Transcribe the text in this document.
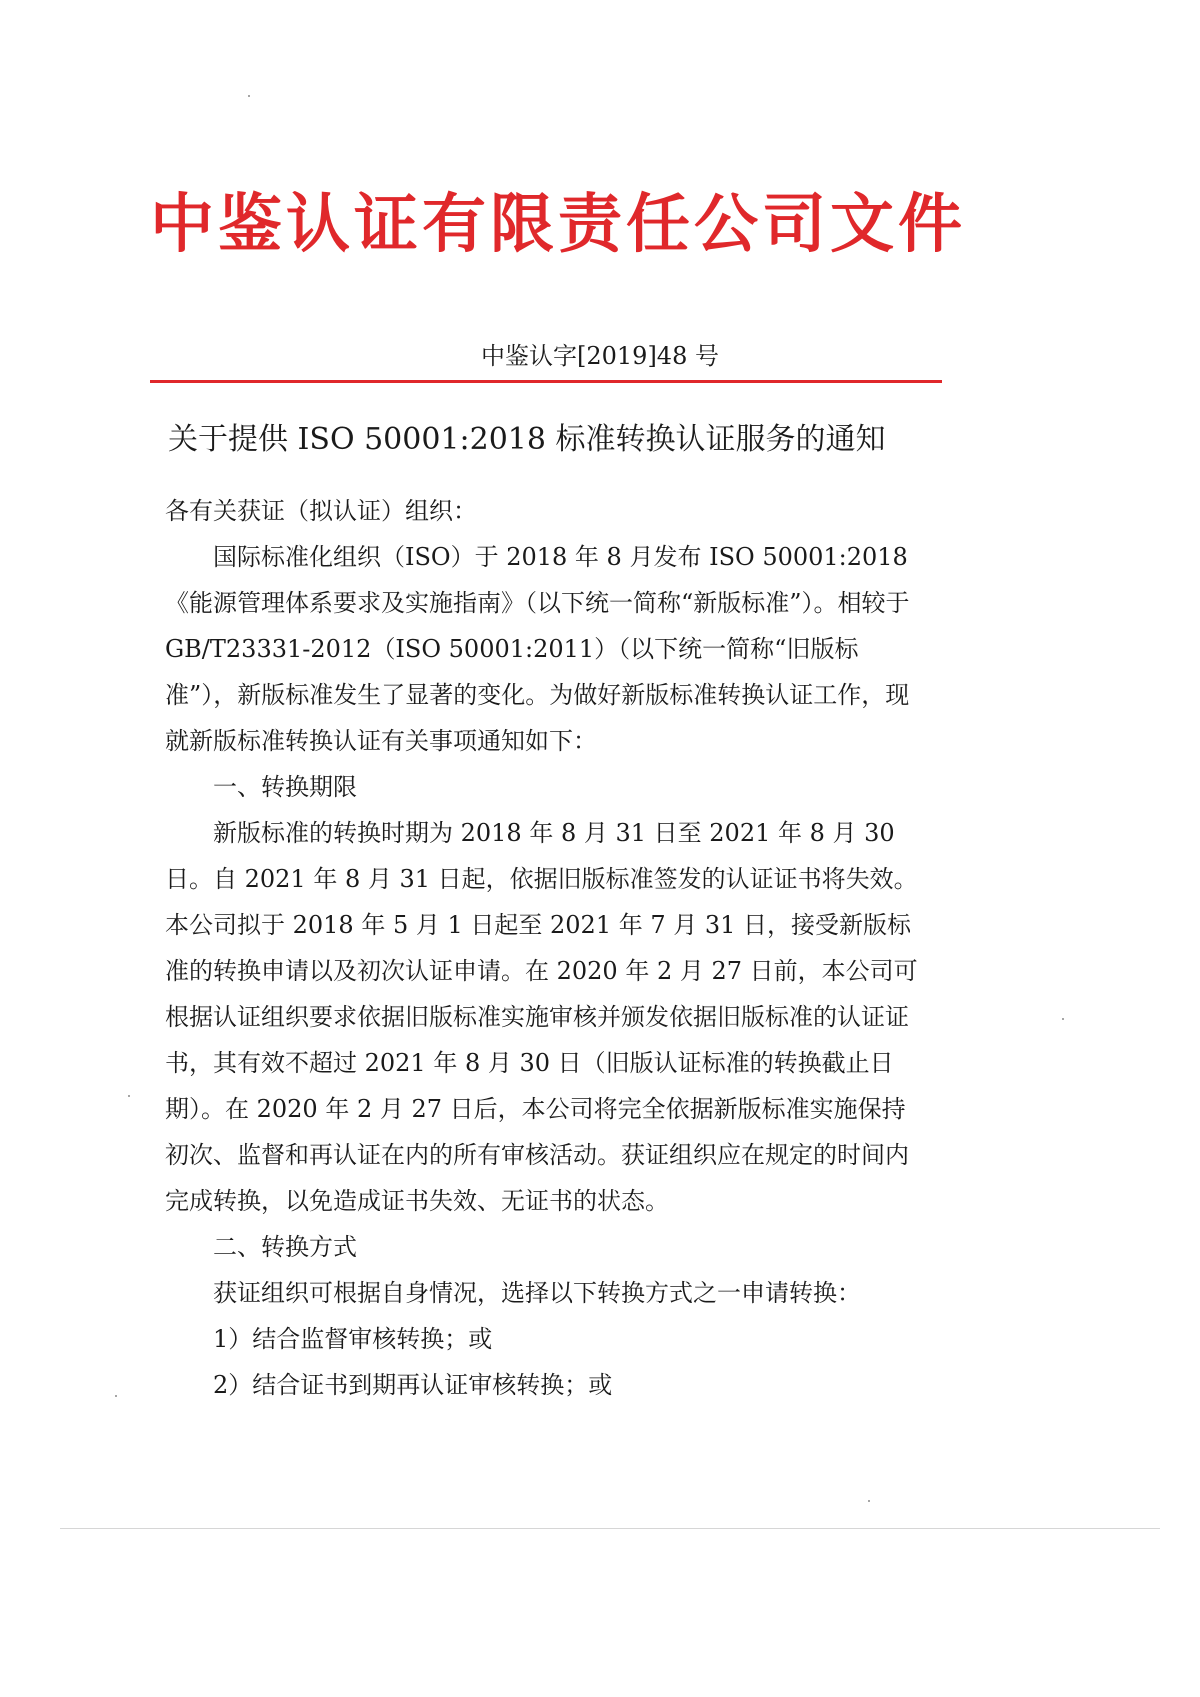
中鉴认证有限责任公司文件
中鉴认字[2019]48 号
关于提供 ISO 50001:2018 标准转换认证服务的通知

各有关获证（拟认证）组织：

国际标准化组织（ISO）于 2018 年 8 月发布 ISO 50001:2018《能源管理体系要求及实施指南》（以下统一简称“新版标准”）。相较于 GB/T23331-2012（ISO 50001:2011）（以下统一简称“旧版标准”），新版标准发生了显著的变化。为做好新版标准转换认证工作，现就新版标准转换认证有关事项通知如下：

一、转换期限

新版标准的转换时期为 2018 年 8 月 31 日至 2021 年 8 月 30 日。自 2021 年 8 月 31 日起，依据旧版标准签发的认证证书将失效。本公司拟于 2018 年 5 月 1 日起至 2021 年 7 月 31 日，接受新版标准的转换申请以及初次认证申请。在 2020 年 2 月 27 日前，本公司可根据认证组织要求依据旧版标准实施审核并颁发依据旧版标准的认证证书，其有效不超过 2021 年 8 月 30 日（旧版认证标准的转换截止日期）。在 2020 年 2 月 27 日后，本公司将完全依据新版标准实施保持初次、监督和再认证在内的所有审核活动。获证组织应在规定的时间内完成转换，以免造成证书失效、无证书的状态。

二、转换方式

获证组织可根据自身情况，选择以下转换方式之一申请转换：

1）结合监督审核转换；或

2）结合证书到期再认证审核转换；或
